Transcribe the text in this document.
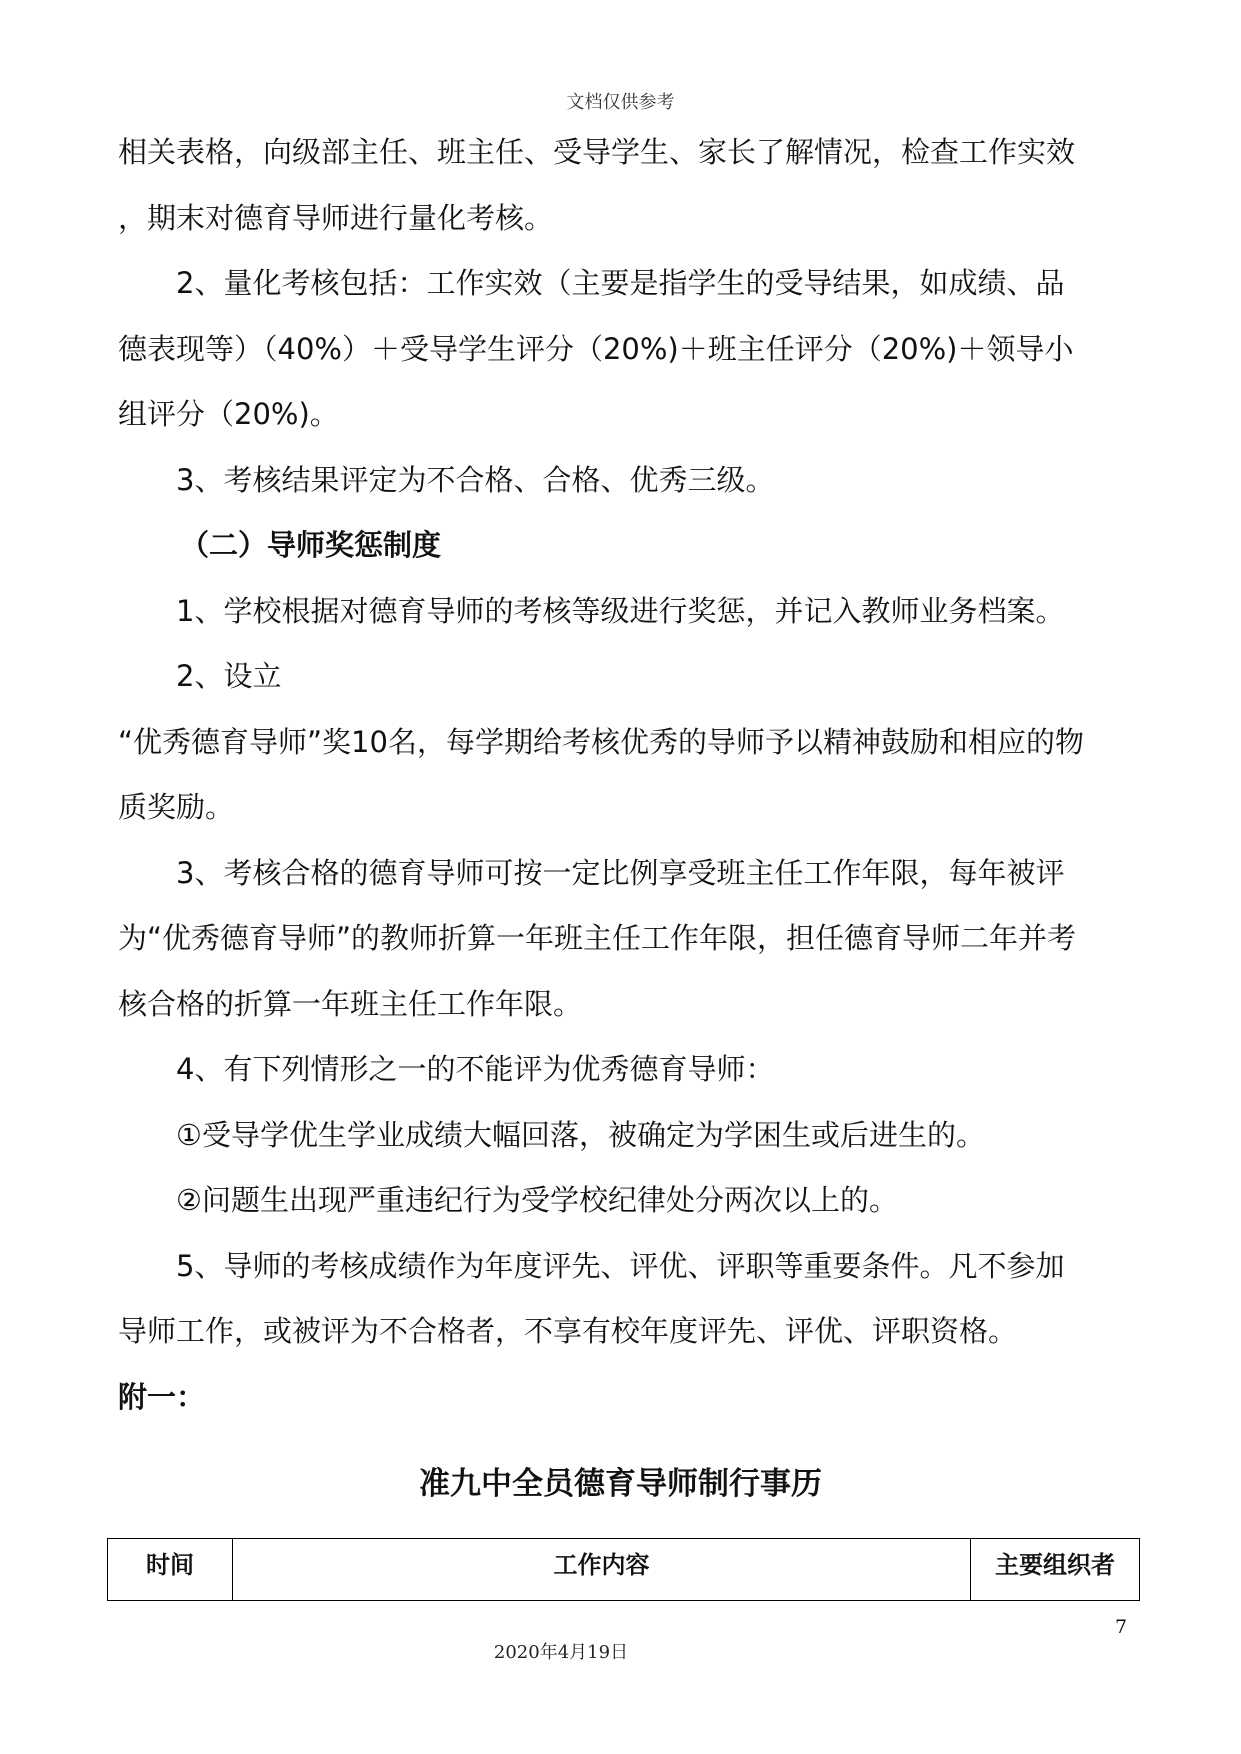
文档仅供参考
相关表格，向级部主任、班主任、受导学生、家长了解情况，检查工作实效
，期末对德育导师进行量化考核。
2、量化考核包括：工作实效（主要是指学生的受导结果，如成绩、品
德表现等）（40%）＋受导学生评分（20%)＋班主任评分（20%)＋领导小
组评分（20%)。
3、考核结果评定为不合格、合格、优秀三级。
（二）导师奖惩制度
1、学校根据对德育导师的考核等级进行奖惩，并记入教师业务档案。
2、设立
“优秀德育导师”奖10名，每学期给考核优秀的导师予以精神鼓励和相应的物
质奖励。
3、考核合格的德育导师可按一定比例享受班主任工作年限，每年被评
为“优秀德育导师”的教师折算一年班主任工作年限，担任德育导师二年并考
核合格的折算一年班主任工作年限。
4、有下列情形之一的不能评为优秀德育导师：
①受导学优生学业成绩大幅回落，被确定为学困生或后进生的。
②问题生出现严重违纪行为受学校纪律处分两次以上的。
5、导师的考核成绩作为年度评先、评优、评职等重要条件。凡不参加
导师工作，或被评为不合格者，不享有校年度评先、评优、评职资格。
附一：
准九中全员德育导师制行事历
时间	工作内容	主要组织者
7
2020年4月19日
